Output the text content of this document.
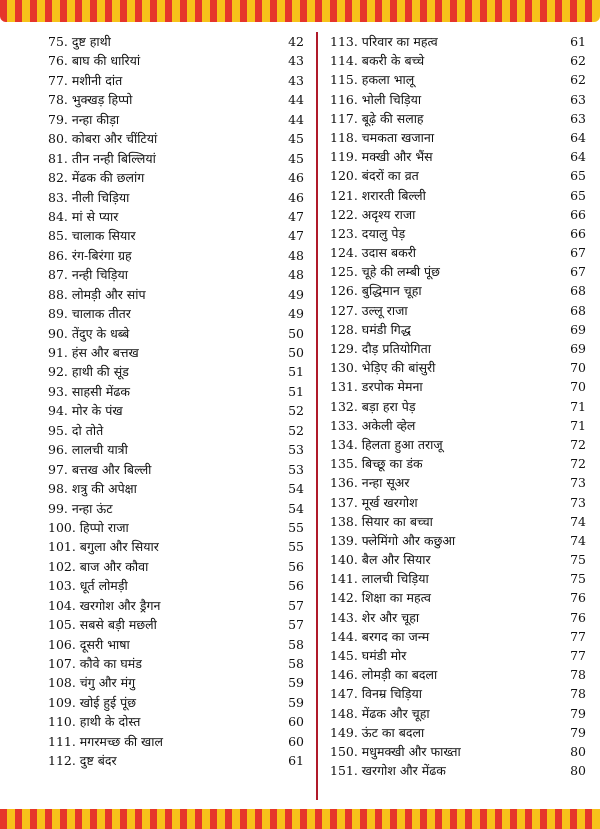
75. दुष्ट हाथी	42
76. बाघ की धारियां	43
77. मशीनी दांत	43
78. भुक्खड़ हिप्पो	44
79. नन्हा कीड़ा	44
80. कोबरा और चींटियां	45
81. तीन नन्ही बिल्लियां	45
82. मेंढक की छलांग	46
83. नीली चिड़िया	46
84. मां से प्यार	47
85. चालाक सियार	47
86. रंग-बिरंगा ग्रह	48
87. नन्ही चिड़िया	48
88. लोमड़ी और सांप	49
89. चालाक तीतर	49
90. तेंदुए के धब्बे	50
91. हंस और बत्तख	50
92. हाथी की सूंड	51
93. साहसी मेंढक	51
94. मोर के पंख	52
95. दो तोते	52
96. लालची यात्री	53
97. बत्तख और बिल्ली	53
98. शत्रु की अपेक्षा	54
99. नन्हा ऊंट	54
100. हिप्पो राजा	55
101. बगुला और सियार	55
102. बाज और कौवा	56
103. धूर्त लोमड़ी	56
104. खरगोश और ड्रैगन	57
105. सबसे बड़ी मछली	57
106. दूसरी भाषा	58
107. कौवे का घमंड	58
108. चंगु और मंगु	59
109. खोई हुई पूंछ	59
110. हाथी के दोस्त	60
111. मगरमच्छ की खाल	60
112. दुष्ट बंदर	61
113. परिवार का महत्व	61
114. बकरी के बच्चे	62
115. हकला भालू	62
116. भोली चिड़िया	63
117. बूढ़े की सलाह	63
118. चमकता खजाना	64
119. मक्खी और भैंस	64
120. बंदरों का व्रत	65
121. शरारती बिल्ली	65
122. अदृश्य राजा	66
123. दयालु पेड़	66
124. उदास बकरी	67
125. चूहे की लम्बी पूंछ	67
126. बुद्धिमान चूहा	68
127. उल्लू राजा	68
128. घमंडी गिद्ध	69
129. दौड़ प्रतियोगिता	69
130. भेड़िए की बांसुरी	70
131. डरपोक मेमना	70
132. बड़ा हरा पेड़	71
133. अकेली व्हेल	71
134. हिलता हुआ तराजू	72
135. बिच्छू का डंक	72
136. नन्हा सूअर	73
137. मूर्ख खरगोश	73
138. सियार का बच्चा	74
139. फ्लेमिंगो और कछुआ	74
140. बैल और सियार	75
141. लालची चिड़िया	75
142. शिक्षा का महत्व	76
143. शेर और चूहा	76
144. बरगद का जन्म	77
145. घमंडी मोर	77
146. लोमड़ी का बदला	78
147. विनम्र चिड़िया	78
148. मेंढक और चूहा	79
149. ऊंट का बदला	79
150. मधुमक्खी और फाख्ता	80
151. खरगोश और मेंढक	80
